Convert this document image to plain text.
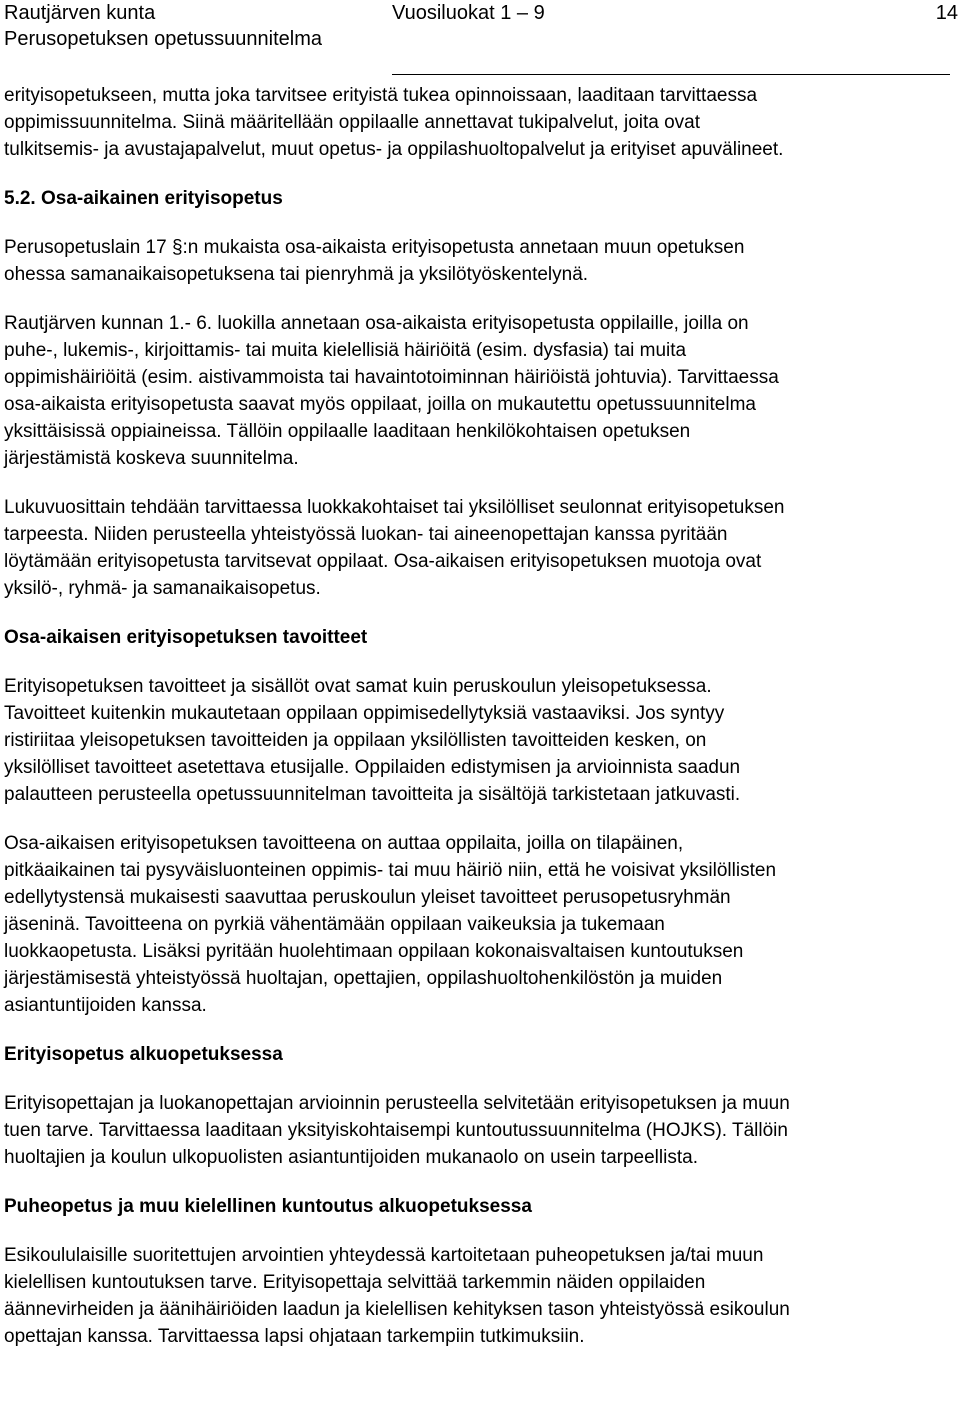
Rautjärven kunta
Perusopetuksen opetussuunnitelma
Vuosiluokat 1 – 9	14

erityisopetukseen, mutta joka tarvitsee erityistä tukea opinnoissaan, laaditaan tarvittaessa
oppimissuunnitelma. Siinä määritellään oppilaalle annettavat tukipalvelut, joita ovat
tulkitsemis- ja avustajapalvelut, muut opetus- ja oppilashuoltopalvelut ja erityiset apuvälineet.

5.2. Osa-aikainen erityisopetus

Perusopetuslain 17 §:n mukaista osa-aikaista erityisopetusta annetaan muun opetuksen
ohessa samanaikaisopetuksena tai pienryhmä ja yksilötyöskentelynä.

Rautjärven kunnan 1.- 6. luokilla annetaan osa-aikaista erityisopetusta oppilaille, joilla on
puhe-, lukemis-, kirjoittamis- tai muita kielellisiä häiriöitä (esim. dysfasia) tai muita
oppimishäiriöitä (esim. aistivammoista tai havaintotoiminnan häiriöistä johtuvia). Tarvittaessa
osa-aikaista erityisopetusta saavat myös oppilaat, joilla on mukautettu opetussuunnitelma
yksittäisissä oppiaineissa. Tällöin oppilaalle laaditaan henkilökohtaisen opetuksen
järjestämistä koskeva suunnitelma.

Lukuvuosittain tehdään tarvittaessa luokkakohtaiset tai yksilölliset seulonnat erityisopetuksen
tarpeesta. Niiden perusteella yhteistyössä luokan- tai aineenopettajan kanssa pyritään
löytämään erityisopetusta tarvitsevat oppilaat. Osa-aikaisen erityisopetuksen muotoja ovat
yksilö-, ryhmä- ja samanaikaisopetus.

Osa-aikaisen erityisopetuksen tavoitteet

Erityisopetuksen tavoitteet ja sisällöt ovat samat kuin peruskoulun yleisopetuksessa.
Tavoitteet kuitenkin mukautetaan oppilaan oppimisedellytyksiä vastaaviksi. Jos syntyy
ristiriitaa yleisopetuksen tavoitteiden ja oppilaan yksilöllisten tavoitteiden kesken, on
yksilölliset tavoitteet asetettava etusijalle. Oppilaiden edistymisen ja arvioinnista saadun
palautteen perusteella opetussuunnitelman tavoitteita ja sisältöjä tarkistetaan jatkuvasti.

Osa-aikaisen erityisopetuksen tavoitteena on auttaa oppilaita, joilla on tilapäinen,
pitkäaikainen tai pysyväisluonteinen oppimis- tai muu häiriö niin, että he voisivat yksilöllisten
edellytystensä mukaisesti saavuttaa peruskoulun yleiset tavoitteet perusopetusryhmän
jäseninä. Tavoitteena on pyrkiä vähentämään oppilaan vaikeuksia ja tukemaan
luokkaopetusta. Lisäksi pyritään huolehtimaan oppilaan kokonaisvaltaisen kuntoutuksen
järjestämisestä yhteistyössä huoltajan, opettajien, oppilashuoltohenkilöstön ja muiden
asiantuntijoiden kanssa.

Erityisopetus alkuopetuksessa

Erityisopettajan ja luokanopettajan arvioinnin perusteella selvitetään erityisopetuksen ja muun
tuen tarve. Tarvittaessa laaditaan yksityiskohtaisempi kuntoutussuunnitelma (HOJKS). Tällöin
huoltajien ja koulun ulkopuolisten asiantuntijoiden mukanaolo on usein tarpeellista.

Puheopetus ja muu kielellinen kuntoutus alkuopetuksessa

Esikoululaisille suoritettujen arvointien yhteydessä kartoitetaan puheopetuksen ja/tai muun
kielellisen kuntoutuksen tarve. Erityisopettaja selvittää tarkemmin näiden oppilaiden
äännevirheiden ja äänihäiriöiden laadun ja kielellisen kehityksen tason yhteistyössä esikoulun
opettajan kanssa. Tarvittaessa lapsi ohjataan tarkempiin tutkimuksiin.
